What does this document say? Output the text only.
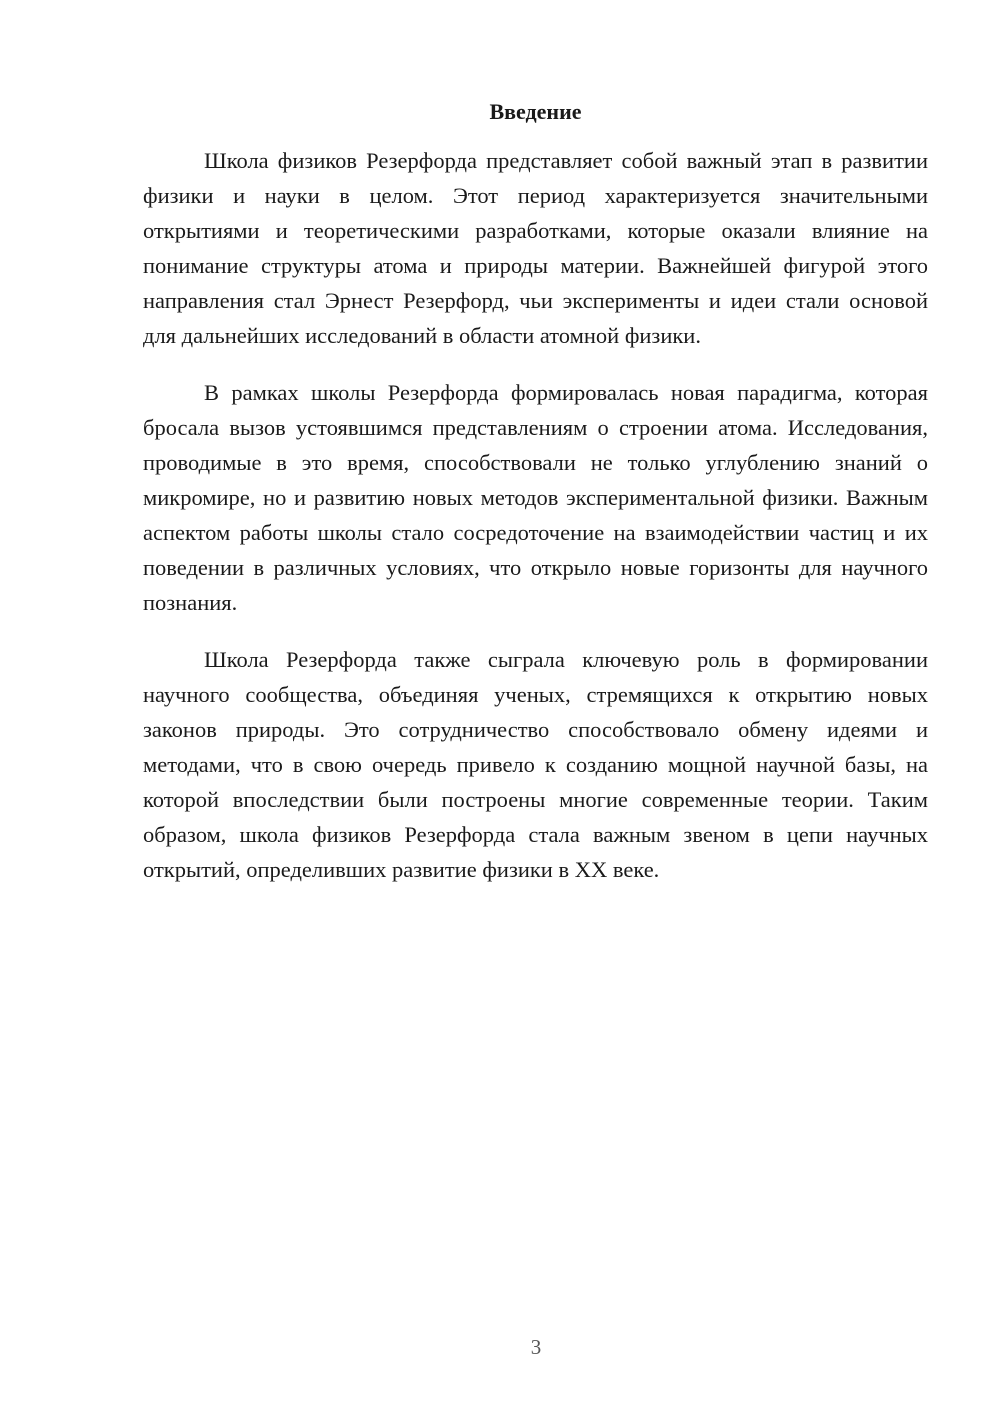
Введение

Школа физиков Резерфорда представляет собой важный этап в развитии физики и науки в целом. Этот период характеризуется значительными открытиями и теоретическими разработками, которые оказали влияние на понимание структуры атома и природы материи. Важнейшей фигурой этого направления стал Эрнест Резерфорд, чьи эксперименты и идеи стали основой для дальнейших исследований в области атомной физики.

В рамках школы Резерфорда формировалась новая парадигма, которая бросала вызов устоявшимся представлениям о строении атома. Исследования, проводимые в это время, способствовали не только углублению знаний о микромире, но и развитию новых методов экспериментальной физики. Важным аспектом работы школы стало сосредоточение на взаимодействии частиц и их поведении в различных условиях, что открыло новые горизонты для научного познания.

Школа Резерфорда также сыграла ключевую роль в формировании научного сообщества, объединяя ученых, стремящихся к открытию новых законов природы. Это сотрудничество способствовало обмену идеями и методами, что в свою очередь привело к созданию мощной научной базы, на которой впоследствии были построены многие современные теории. Таким образом, школа физиков Резерфорда стала важным звеном в цепи научных открытий, определивших развитие физики в XX веке.

3
